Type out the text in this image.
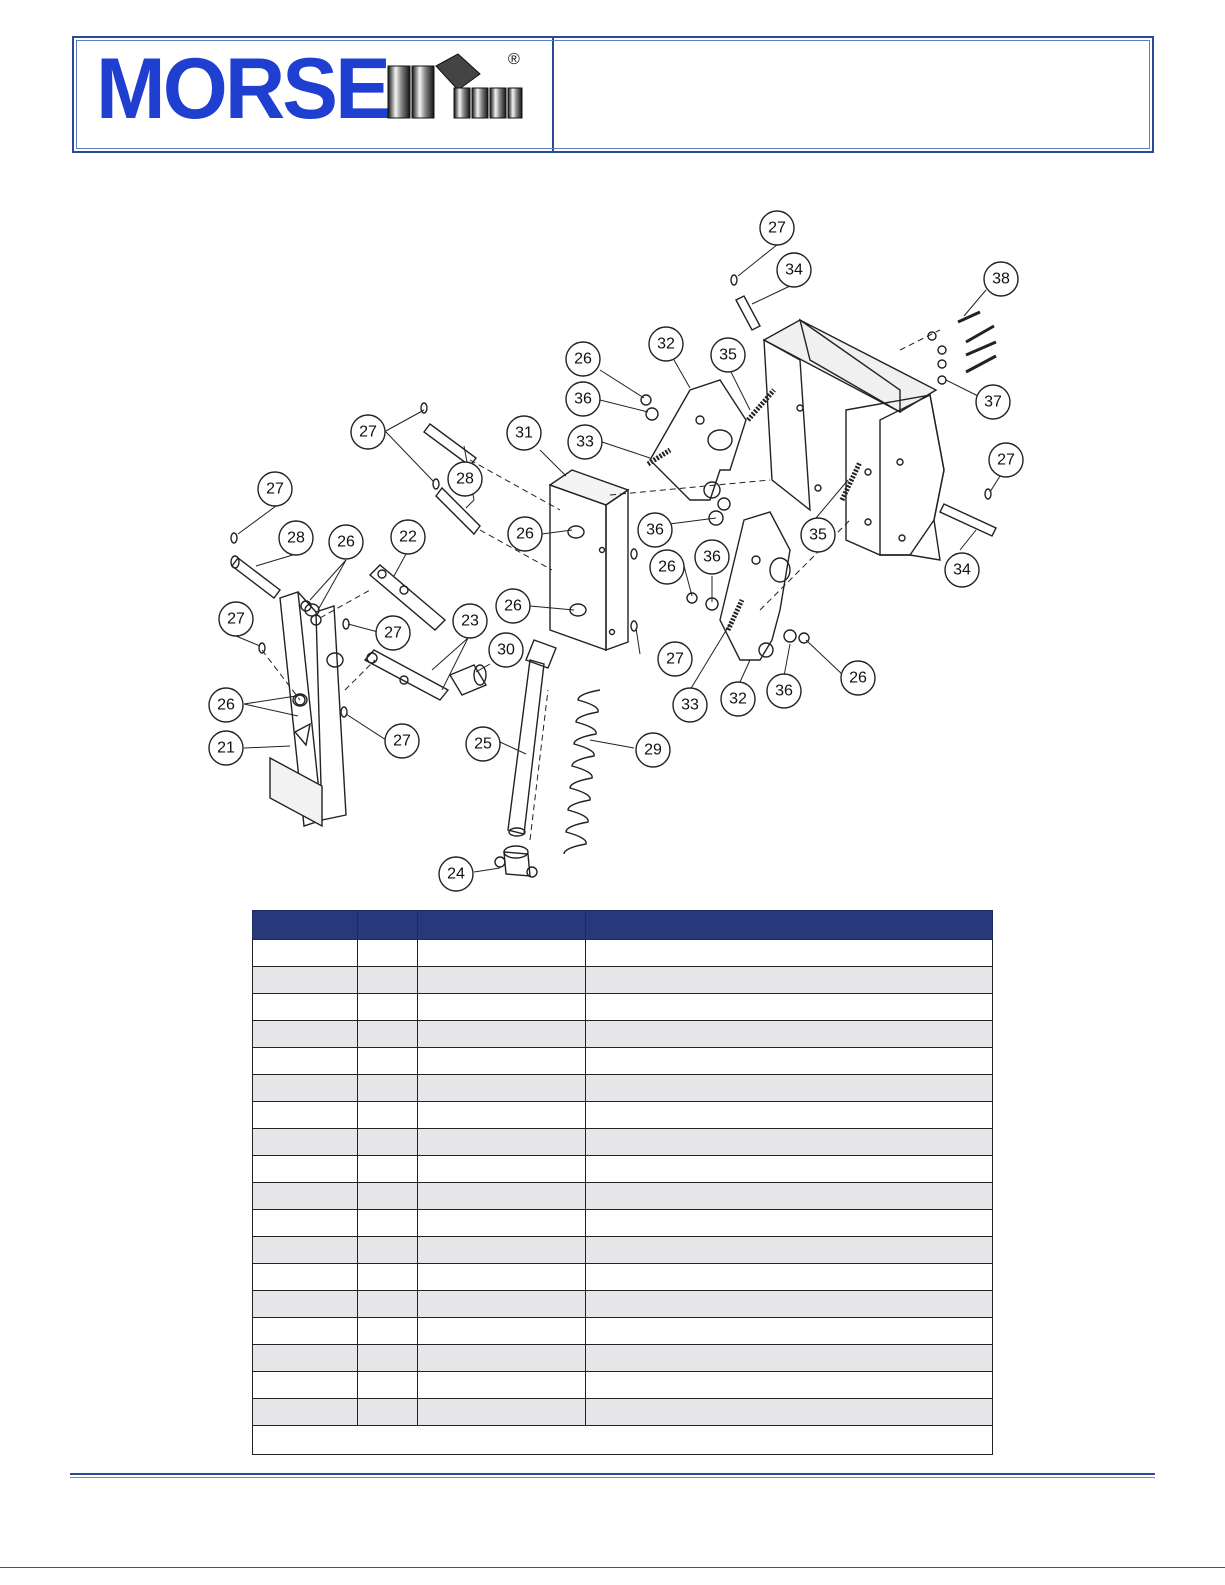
MORSE	®
27
34
38
37
27
34
35
35
32
26
36
33
31
27
28
26
26
27
36
26
36
33 32 36
26
27
28 26	22
27
27
23
30
26
27
21	25	29
24
